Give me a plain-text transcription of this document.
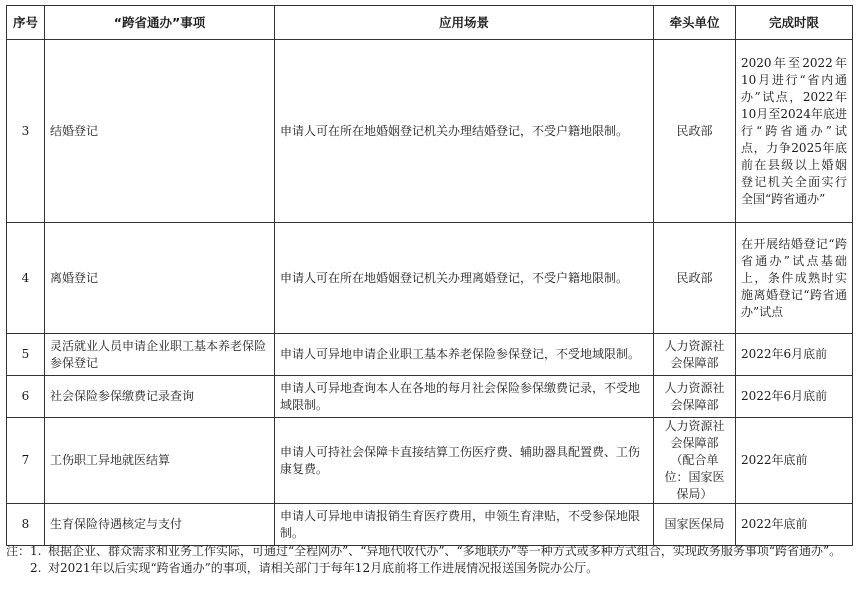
序号	“跨省通办”事项	应用场景	牵头单位	完成时限
3	结婚登记	申请人可在所在地婚姻登记机关办理结婚登记，不受户籍地限制。	民政部	2020年至2022年10月进行“省内通办”试点，2022年10月至2024年底进行“跨省通办”试点，力争2025年底前在县级以上婚姻登记机关全面实行全国“跨省通办”
4	离婚登记	申请人可在所在地婚姻登记机关办理离婚登记，不受户籍地限制。	民政部	在开展结婚登记“跨省通办”试点基础上，条件成熟时实施离婚登记“跨省通办”试点
5	灵活就业人员申请企业职工基本养老保险参保登记	申请人可异地申请企业职工基本养老保险参保登记，不受地域限制。	人力资源社会保障部	2022年6月底前
6	社会保险参保缴费记录查询	申请人可异地查询本人在各地的每月社会保险参保缴费记录，不受地域限制。	人力资源社会保障部	2022年6月底前
7	工伤职工异地就医结算	申请人可持社会保障卡直接结算工伤医疗费、辅助器具配置费、工伤康复费。	人力资源社会保障部（配合单位：国家医保局）	2022年底前
8	生育保险待遇核定与支付	申请人可异地申请报销生育医疗费用，申领生育津贴，不受参保地限制。	国家医保局	2022年底前
注： 1. 根据企业、群众需求和业务工作实际，可通过“全程网办”、“异地代收代办”、“多地联办”等一种方式或多种方式组合，实现政务服务事项“跨省通办”。
2. 对2021年以后实现“跨省通办”的事项，请相关部门于每年12月底前将工作进展情况报送国务院办公厅。
